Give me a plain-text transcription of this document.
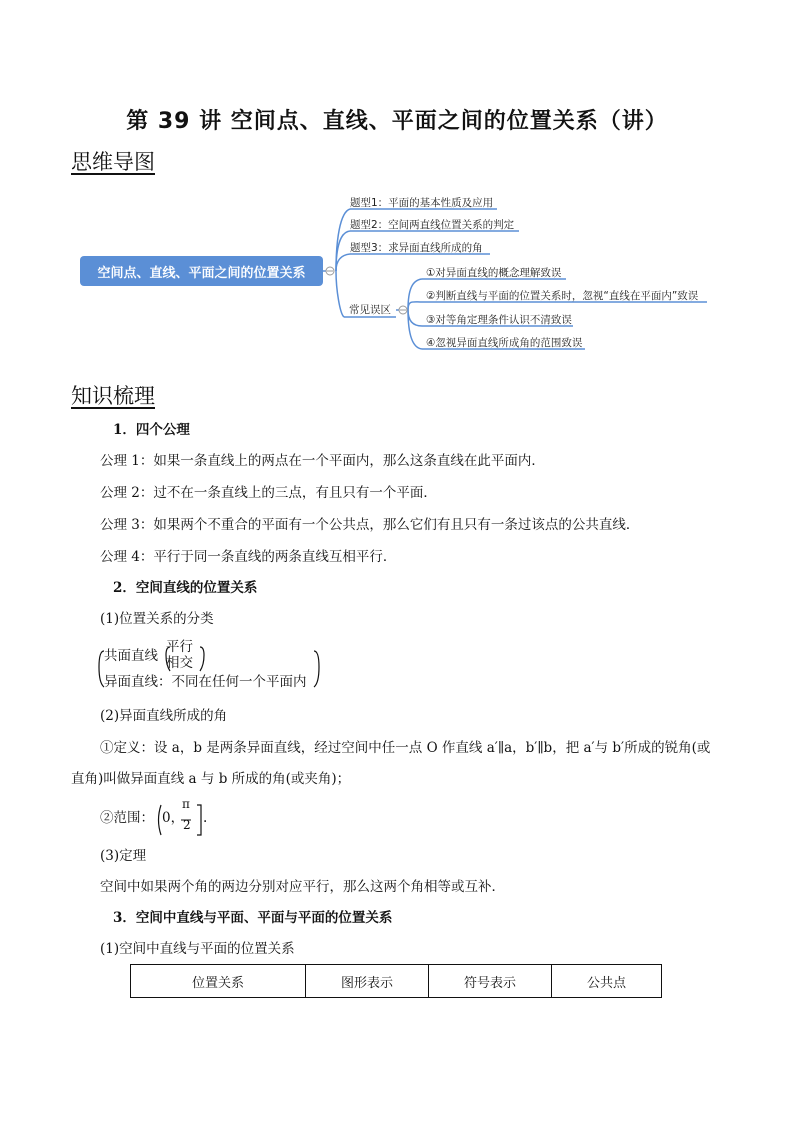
第 39 讲 空间点、直线、平面之间的位置关系（讲）
思维导图
空间点、直线、平面之间的位置关系
题型1：平面的基本性质及应用
题型2：空间两直线位置关系的判定
题型3：求异面直线所成的角
常见误区
①对异面直线的概念理解致误
②判断直线与平面的位置关系时，忽视“直线在平面内”致误
③对等角定理条件认识不清致误
④忽视异面直线所成角的范围致误
知识梳理
1．四个公理
公理 1：如果一条直线上的两点在一个平面内，那么这条直线在此平面内．
公理 2：过不在一条直线上的三点，有且只有一个平面．
公理 3：如果两个不重合的平面有一个公共点，那么它们有且只有一条过该点的公共直线．
公理 4：平行于同一条直线的两条直线互相平行．
2．空间直线的位置关系
(1)位置关系的分类
共面直线
平行
相交
异面直线：不同在任何一个平面内
(2)异面直线所成的角
①定义：设 a，b 是两条异面直线，经过空间中任一点 O 作直线 a′∥a，b′∥b，把 a′与 b′所成的锐角(或
直角)叫做异面直线 a 与 b 所成的角(或夹角)；
②范围： 0，
π
2 .
(3)定理
空间中如果两个角的两边分别对应平行，那么这两个角相等或互补．
3．空间中直线与平面、平面与平面的位置关系
(1)空间中直线与平面的位置关系
位置关系	图形表示	符号表示	公共点
